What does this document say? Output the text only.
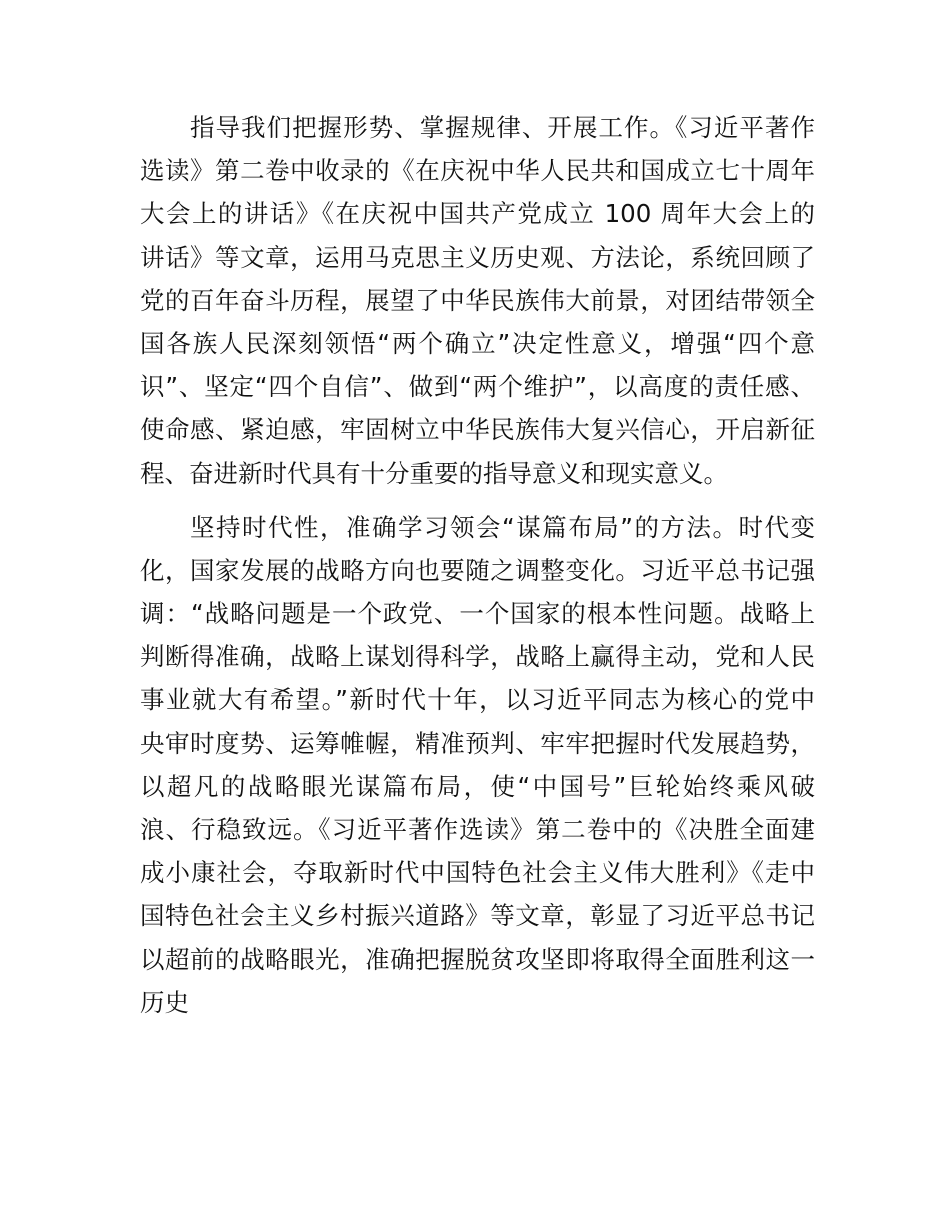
指导我们把握形势、掌握规律、开展工作。《习近平著作
选读》第二卷中收录的《在庆祝中华人民共和国成立七十周年
大会上的讲话》《在庆祝中国共产党成立 100 周年大会上的
讲话》等文章，运用马克思主义历史观、方法论，系统回顾了
党的百年奋斗历程，展望了中华民族伟大前景，对团结带领全
国各族人民深刻领悟“两个确立”决定性意义，增强“四个意
识”、坚定“四个自信”、做到“两个维护”，以高度的责任感、
使命感、紧迫感，牢固树立中华民族伟大复兴信心，开启新征
程、奋进新时代具有十分重要的指导意义和现实意义。
坚持时代性，准确学习领会“谋篇布局”的方法。时代变
化，国家发展的战略方向也要随之调整变化。习近平总书记强
调：“战略问题是一个政党、一个国家的根本性问题。战略上
判断得准确，战略上谋划得科学，战略上赢得主动，党和人民
事业就大有希望。”新时代十年，以习近平同志为核心的党中
央审时度势、运筹帷幄，精准预判、牢牢把握时代发展趋势，
以超凡的战略眼光谋篇布局，使“中国号”巨轮始终乘风破
浪、行稳致远。《习近平著作选读》第二卷中的《决胜全面建
成小康社会，夺取新时代中国特色社会主义伟大胜利》《走中
国特色社会主义乡村振兴道路》等文章，彰显了习近平总书记
以超前的战略眼光，准确把握脱贫攻坚即将取得全面胜利这一
历史
